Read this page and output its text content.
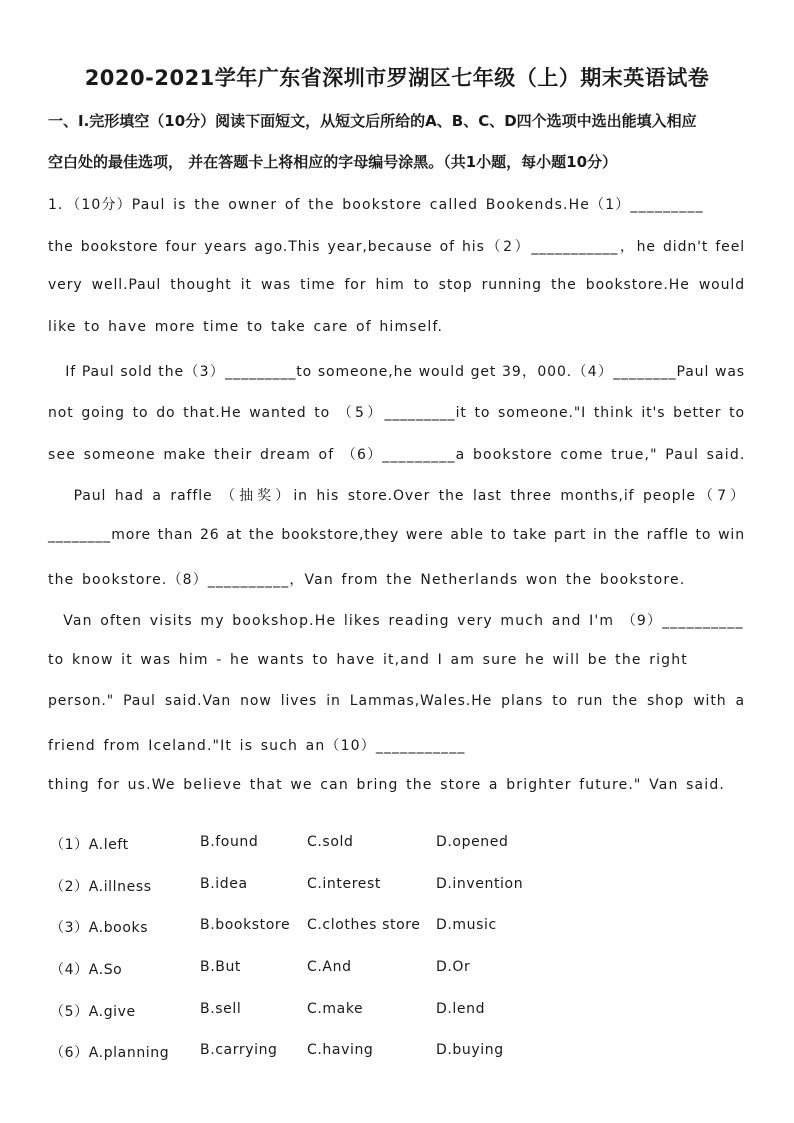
2020-2021学年广东省深圳市罗湖区七年级（上）期末英语试卷
一、I.完形填空（10分）阅读下面短文，从短文后所给的A、B、C、D四个选项中选出能填入相应
空白处的最佳选项， 并在答题卡上将相应的字母编号涂黑。（共1小题，每小题10分）
1．（10分）Paul is the owner of the bookstore called Bookends.He（1）_________
the bookstore four years ago.This year,because of his（2）___________，he didn't feel
very well.Paul thought it was time for him to stop running the bookstore.He would
like to have more time to take care of himself.
If Paul sold the（3）_________to someone,he would get 39，000.（4）________Paul was
not going to do that.He wanted to （5）_________it to someone."I think it's better to
see someone make their dream of （6）_________a bookstore come true," Paul said.
Paul had a raffle （抽奖）in his store.Over the last three months,if people（7）
________more than 26 at the bookstore,they were able to take part in the raffle to win
the bookstore.（8）__________，Van from the Netherlands won the bookstore.
Van often visits my bookshop.He likes reading very much and I'm （9）__________
to know it was him - he wants to have it,and I am sure he will be the right
person." Paul said.Van now lives in Lammas,Wales.He plans to run the shop with a
friend from Iceland."It is such an（10）___________
thing for us.We believe that we can bring the store a brighter future." Van said.
（1）A.left	B.found	C.sold	D.opened
（2）A.illness	B.idea	C.interest	D.invention
（3）A.books	B.bookstore C.clothes store D.music
（4）A.So	B.But	C.And	D.Or
（5）A.give	B.sell	C.make	D.lend
（6）A.planning B.carrying C.having	D.buying
